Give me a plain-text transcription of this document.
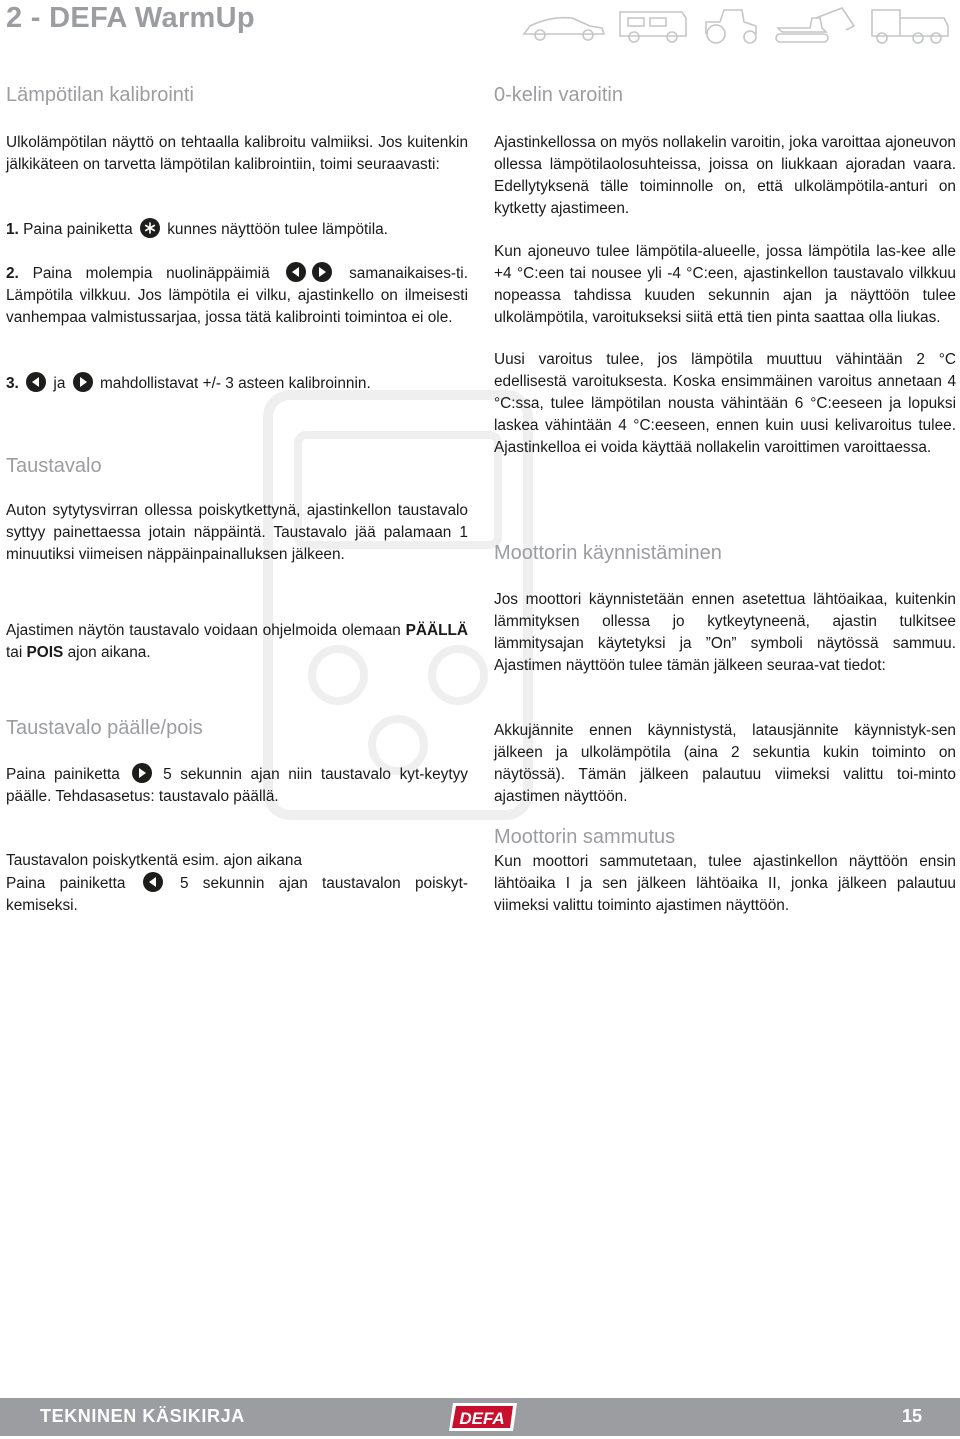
2 - DEFA WarmUp
Lämpötilan kalibrointi
Ulkolämpötilan näyttö on tehtaalla kalibroitu valmiiksi. Jos kuitenkin jälkikäteen on tarvetta lämpötilan kalibrointiin, toimi seuraavasti:
1. Paina painiketta kunnes näyttöön tulee lämpötila.
2. Paina molempia nuolinäppäimiä	samanaikaises-ti. Lämpötila vilkkuu. Jos lämpötila ei vilku, ajastinkello on ilmeisesti vanhempaa valmistussarjaa, jossa tätä kalibrointi toimintoa ei ole.
3. ja mahdollistavat +/- 3 asteen kalibroinnin.
Taustavalo
Auton sytytysvirran ollessa poiskytkettynä, ajastinkellon taustavalo syttyy painettaessa jotain näppäintä. Taustavalo jää palamaan 1 minuutiksi viimeisen näppäinpainalluksen jälkeen.
Ajastimen näytön taustavalo voidaan ohjelmoida olemaan PÄÄLLÄ tai POIS ajon aikana.
Taustavalo päälle/pois
Paina painiketta	5 sekunnin ajan niin taustavalo kyt-keytyy päälle. Tehdasasetus: taustavalo päällä.
Taustavalon poiskytkentä esim. ajon aikana
Paina painiketta	5 sekunnin ajan taustavalon poiskyt-kemiseksi.
0-kelin varoitin
Ajastinkellossa on myös nollakelin varoitin, joka varoittaa ajoneuvon ollessa lämpötilaolosuhteissa, joissa on liukkaan ajoradan vaara. Edellytyksenä tälle toiminnolle on, että ulkolämpötila-anturi on kytketty ajastimeen.
Kun ajoneuvo tulee lämpötila-alueelle, jossa lämpötila las-kee alle +4 °C:een tai nousee yli -4 °C:een, ajastinkellon taustavalo vilkkuu nopeassa tahdissa kuuden sekunnin ajan ja näyttöön tulee ulkolämpötila, varoitukseksi siitä että tien pinta saattaa olla liukas.
Uusi varoitus tulee, jos lämpötila muuttuu vähintään 2 °C edellisestä varoituksesta. Koska ensimmäinen varoitus annetaan 4 °C:ssa, tulee lämpötilan nousta vähintään 6 °C:eeseen ja lopuksi laskea vähintään 4 °C:eeseen, ennen kuin uusi kelivaroitus tulee. Ajastinkelloa ei voida käyttää nollakelin varoittimen varoittaessa.
Moottorin käynnistäminen
Jos moottori käynnistetään ennen asetettua lähtöaikaa, kuitenkin lämmityksen ollessa jo kytkeytyneenä, ajastin tulkitsee lämmitysajan käytetyksi ja ”On” symboli näytössä sammuu. Ajastimen näyttöön tulee tämän jälkeen seuraa-vat tiedot:
Akkujännite ennen käynnistystä, latausjännite käynnistyk-sen jälkeen ja ulkolämpötila (aina 2 sekuntia kukin toiminto on näytössä). Tämän jälkeen palautuu viimeksi valittu toi-minto ajastimen näyttöön.
Moottorin sammutus
Kun moottori sammutetaan, tulee ajastinkellon näyttöön ensin lähtöaika I ja sen jälkeen lähtöaika II, jonka jälkeen palautuu viimeksi valittu toiminto ajastimen näyttöön.
TEKNINEN KÄSIKIRJA	DEFA	15
